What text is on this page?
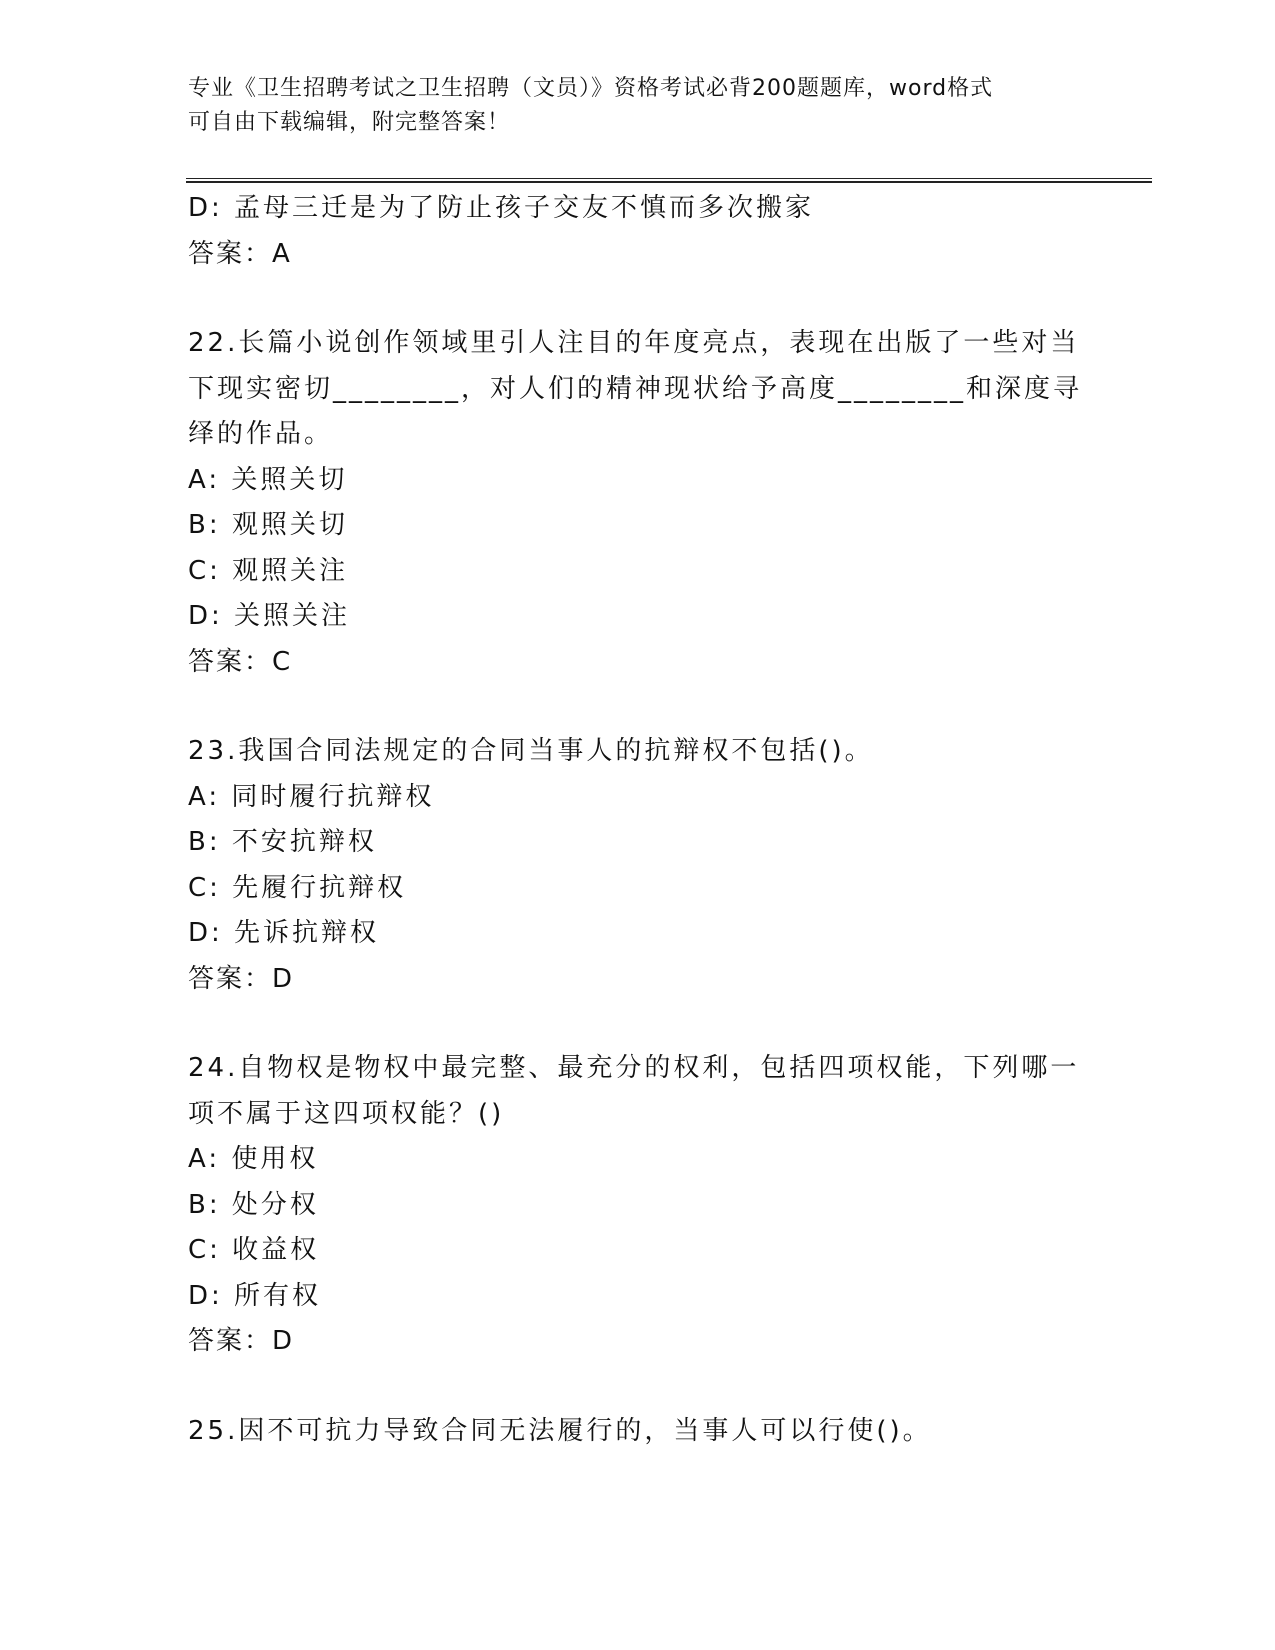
专业《卫生招聘考试之卫生招聘（文员）》资格考试必背200题题库，word格式
可自由下载编辑，附完整答案！
D: 孟母三迁是为了防止孩子交友不慎而多次搬家
答案：A
22.长篇小说创作领域里引人注目的年度亮点，表现在出版了一些对当下现实密切________，对人们的精神现状给予高度________和深度寻绎的作品。
A: 关照关切
B: 观照关切
C: 观照关注
D: 关照关注
答案：C
23.我国合同法规定的合同当事人的抗辩权不包括()。
A: 同时履行抗辩权
B: 不安抗辩权
C: 先履行抗辩权
D: 先诉抗辩权
答案：D
24.自物权是物权中最完整、最充分的权利，包括四项权能，下列哪一项不属于这四项权能？()
A: 使用权
B: 处分权
C: 收益权
D: 所有权
答案：D
25.因不可抗力导致合同无法履行的，当事人可以行使()。
